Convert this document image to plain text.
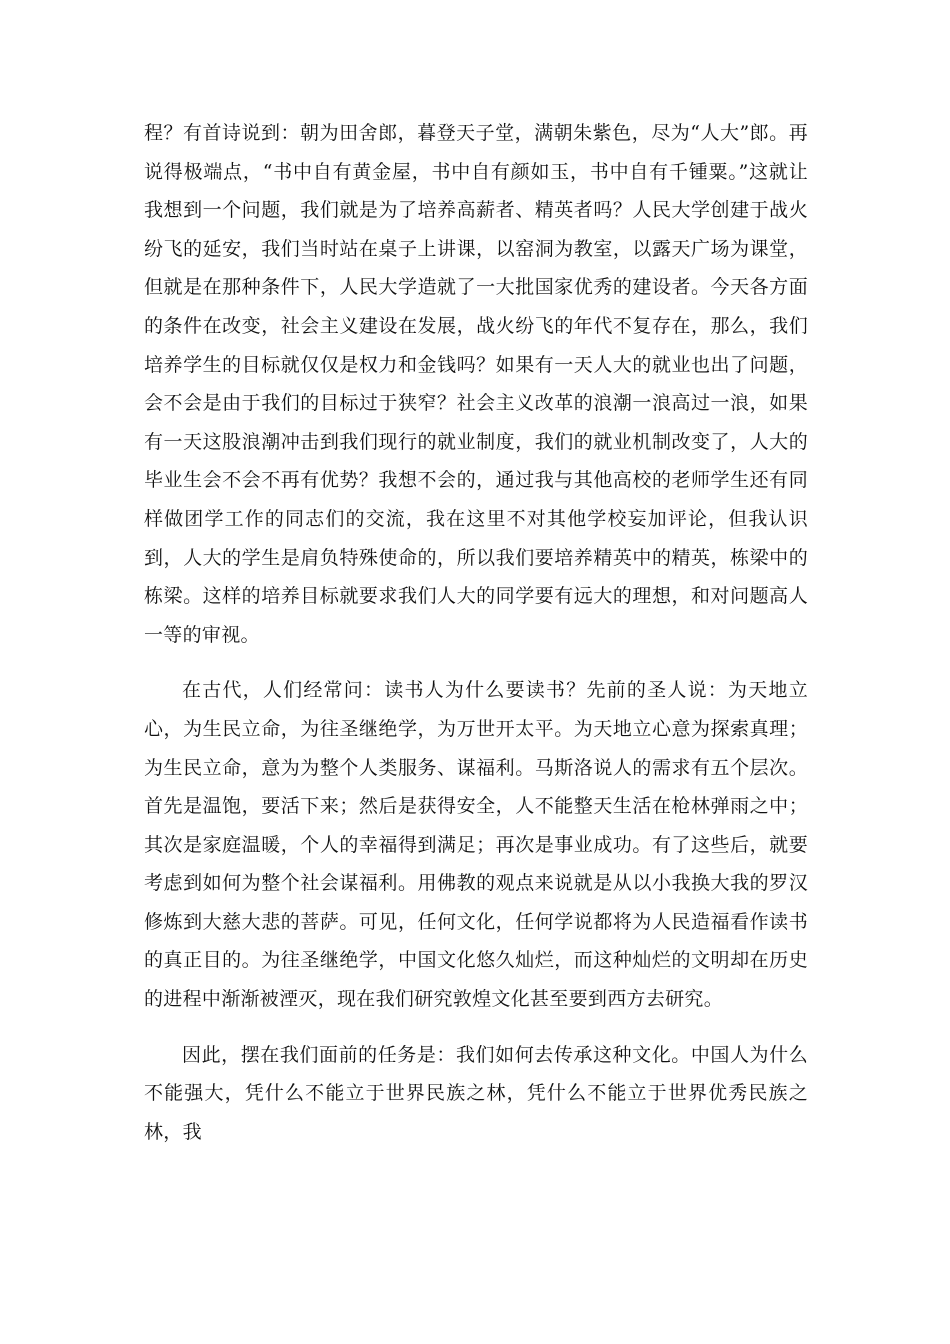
程？有首诗说到：朝为田舍郎，暮登天子堂，满朝朱紫色，尽为“人大”郎。再说得极端点，“书中自有黄金屋，书中自有颜如玉，书中自有千锺粟。”这就让我想到一个问题，我们就是为了培养高薪者、精英者吗？人民大学创建于战火纷飞的延安，我们当时站在桌子上讲课，以窑洞为教室，以露天广场为课堂，但就是在那种条件下，人民大学造就了一大批国家优秀的建设者。今天各方面的条件在改变，社会主义建设在发展，战火纷飞的年代不复存在，那么，我们培养学生的目标就仅仅是权力和金钱吗？如果有一天人大的就业也出了问题，会不会是由于我们的目标过于狭窄？社会主义改革的浪潮一浪高过一浪，如果有一天这股浪潮冲击到我们现行的就业制度，我们的就业机制改变了，人大的毕业生会不会不再有优势？我想不会的，通过我与其他高校的老师学生还有同样做团学工作的同志们的交流，我在这里不对其他学校妄加评论，但我认识到，人大的学生是肩负特殊使命的，所以我们要培养精英中的精英，栋梁中的栋梁。这样的培养目标就要求我们人大的同学要有远大的理想，和对问题高人一等的审视。

在古代，人们经常问：读书人为什么要读书？先前的圣人说：为天地立心，为生民立命，为往圣继绝学，为万世开太平。为天地立心意为探索真理；为生民立命，意为为整个人类服务、谋福利。马斯洛说人的需求有五个层次。首先是温饱，要活下来；然后是获得安全，人不能整天生活在枪林弹雨之中；其次是家庭温暖，个人的幸福得到满足；再次是事业成功。有了这些后，就要考虑到如何为整个社会谋福利。用佛教的观点来说就是从以小我换大我的罗汉修炼到大慈大悲的菩萨。可见，任何文化，任何学说都将为人民造福看作读书的真正目的。为往圣继绝学，中国文化悠久灿烂，而这种灿烂的文明却在历史的进程中渐渐被湮灭，现在我们研究敦煌文化甚至要到西方去研究。

因此，摆在我们面前的任务是：我们如何去传承这种文化。中国人为什么不能强大，凭什么不能立于世界民族之林，凭什么不能立于世界优秀民族之林，我
